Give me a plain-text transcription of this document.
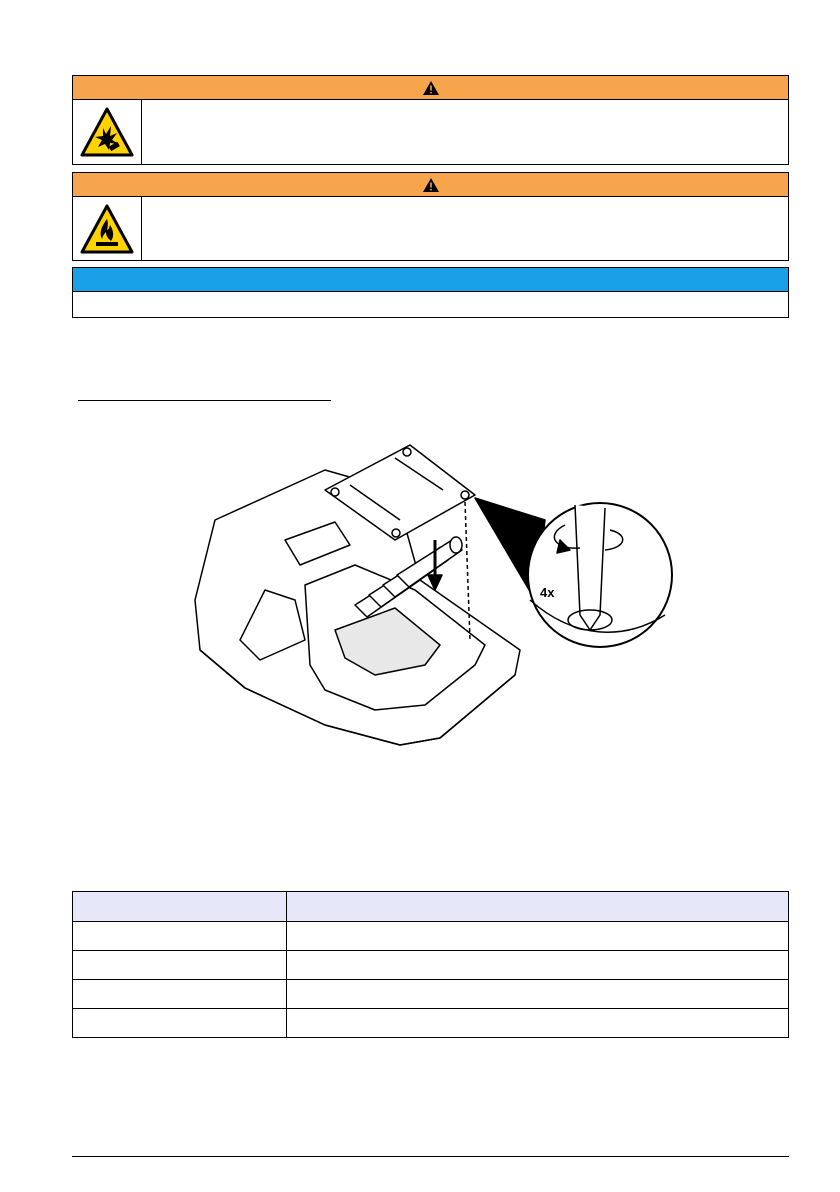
4x
